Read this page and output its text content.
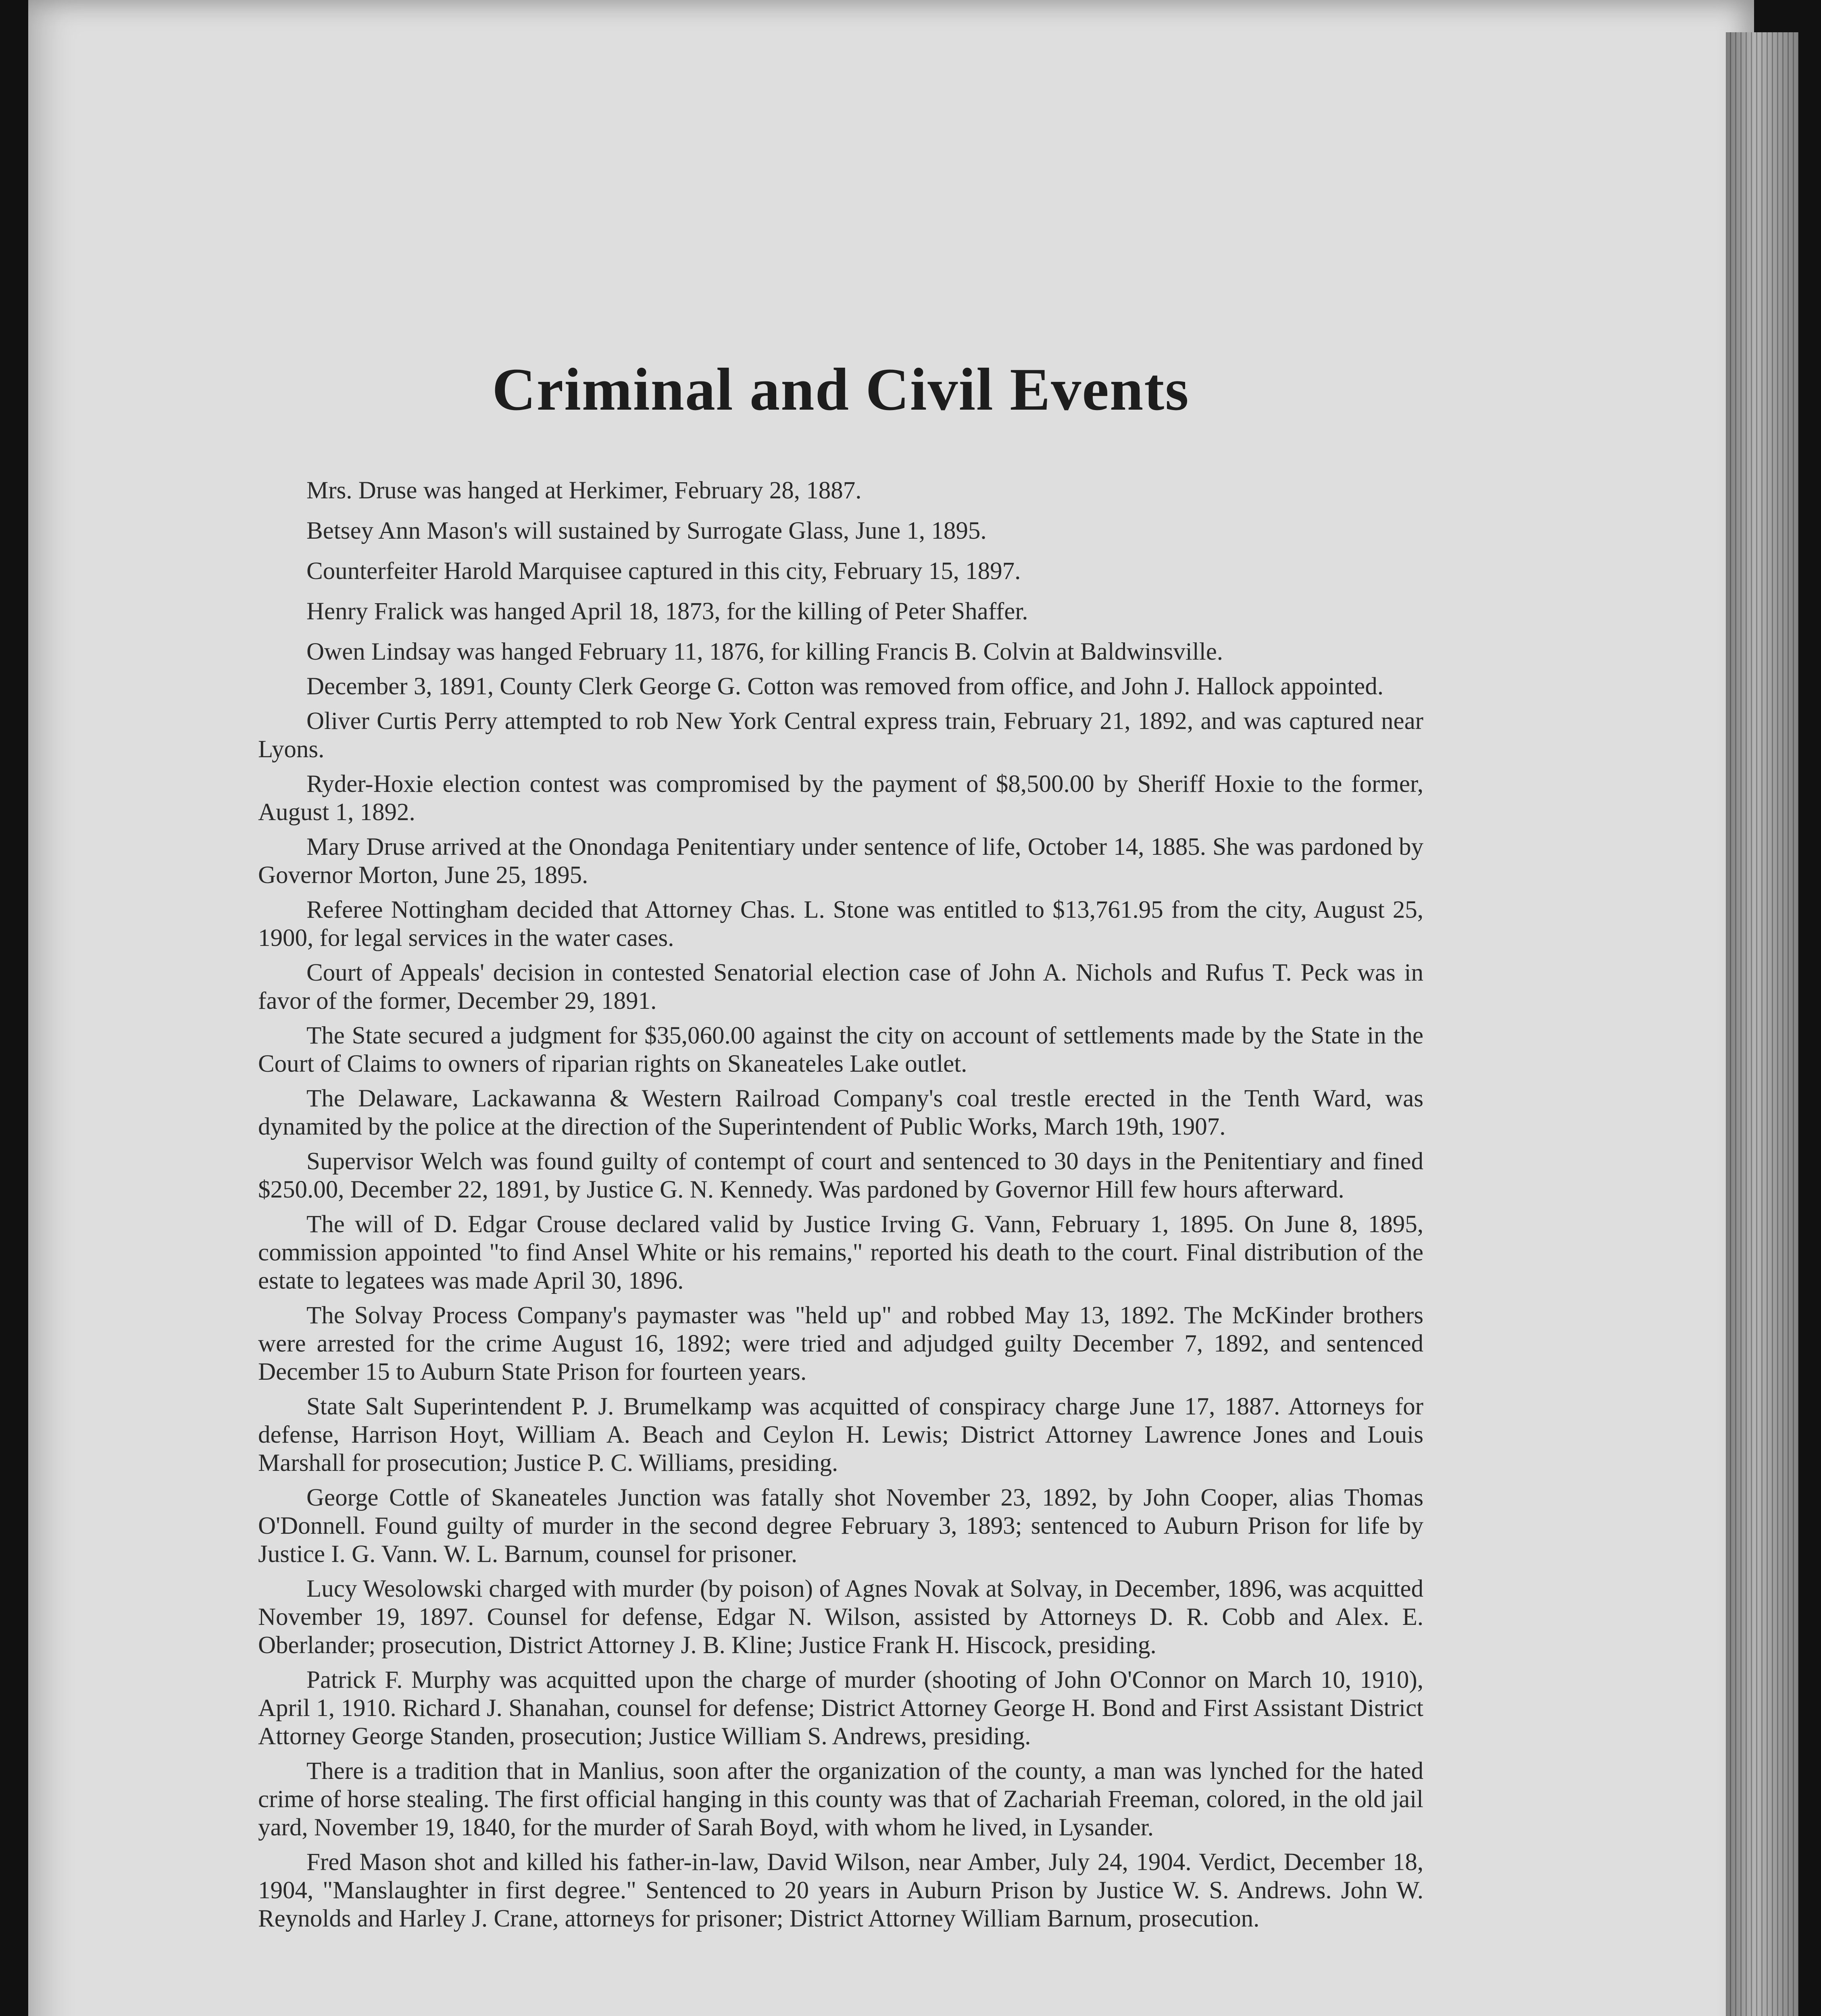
Criminal and Civil Events

Mrs. Druse was hanged at Herkimer, February 28, 1887.

Betsey Ann Mason's will sustained by Surrogate Glass, June 1, 1895.

Counterfeiter Harold Marquisee captured in this city, February 15, 1897.

Henry Fralick was hanged April 18, 1873, for the killing of Peter Shaffer.

Owen Lindsay was hanged February 11, 1876, for killing Francis B. Colvin at Baldwinsville.

December 3, 1891, County Clerk George G. Cotton was removed from office, and John J. Hallock appointed.

Oliver Curtis Perry attempted to rob New York Central express train, February 21, 1892, and was captured near Lyons.

Ryder-Hoxie election contest was compromised by the payment of $8,500.00 by Sheriff Hoxie to the former, August 1, 1892.

Mary Druse arrived at the Onondaga Penitentiary under sentence of life, October 14, 1885. She was pardoned by Governor Morton, June 25, 1895.

Referee Nottingham decided that Attorney Chas. L. Stone was entitled to $13,761.95 from the city, August 25, 1900, for legal services in the water cases.

Court of Appeals' decision in contested Senatorial election case of John A. Nichols and Rufus T. Peck was in favor of the former, December 29, 1891.

The State secured a judgment for $35,060.00 against the city on account of settlements made by the State in the Court of Claims to owners of riparian rights on Skaneateles Lake outlet.

The Delaware, Lackawanna & Western Railroad Company's coal trestle erected in the Tenth Ward, was dynamited by the police at the direction of the Superintendent of Public Works, March 19th, 1907.

Supervisor Welch was found guilty of contempt of court and sentenced to 30 days in the Penitentiary and fined $250.00, December 22, 1891, by Justice G. N. Kennedy. Was pardoned by Governor Hill few hours afterward.

The will of D. Edgar Crouse declared valid by Justice Irving G. Vann, February 1, 1895. On June 8, 1895, commission appointed "to find Ansel White or his remains," reported his death to the court. Final distribution of the estate to legatees was made April 30, 1896.

The Solvay Process Company's paymaster was "held up" and robbed May 13, 1892. The McKinder brothers were arrested for the crime August 16, 1892; were tried and adjudged guilty December 7, 1892, and sentenced December 15 to Auburn State Prison for fourteen years.

State Salt Superintendent P. J. Brumelkamp was acquitted of conspiracy charge June 17, 1887. Attorneys for defense, Harrison Hoyt, William A. Beach and Ceylon H. Lewis; District Attorney Lawrence Jones and Louis Marshall for prosecution; Justice P. C. Williams, presiding.

George Cottle of Skaneateles Junction was fatally shot November 23, 1892, by John Cooper, alias Thomas O'Donnell. Found guilty of murder in the second degree February 3, 1893; sentenced to Auburn Prison for life by Justice I. G. Vann. W. L. Barnum, counsel for prisoner.

Lucy Wesolowski charged with murder (by poison) of Agnes Novak at Solvay, in December, 1896, was acquitted November 19, 1897. Counsel for defense, Edgar N. Wilson, assisted by Attorneys D. R. Cobb and Alex. E. Oberlander; prosecution, District Attorney J. B. Kline; Justice Frank H. Hiscock, presiding.

Patrick F. Murphy was acquitted upon the charge of murder (shooting of John O'Connor on March 10, 1910), April 1, 1910. Richard J. Shanahan, counsel for defense; District Attorney George H. Bond and First Assistant District Attorney George Standen, prosecution; Justice William S. Andrews, presiding.

There is a tradition that in Manlius, soon after the organization of the county, a man was lynched for the hated crime of horse stealing. The first official hanging in this county was that of Zachariah Freeman, colored, in the old jail yard, November 19, 1840, for the murder of Sarah Boyd, with whom he lived, in Lysander.

Fred Mason shot and killed his father-in-law, David Wilson, near Amber, July 24, 1904. Verdict, December 18, 1904, "Manslaughter in first degree." Sentenced to 20 years in Auburn Prison by Justice W. S. Andrews. John W. Reynolds and Harley J. Crane, attorneys for prisoner; District Attorney William Barnum, prosecution.
